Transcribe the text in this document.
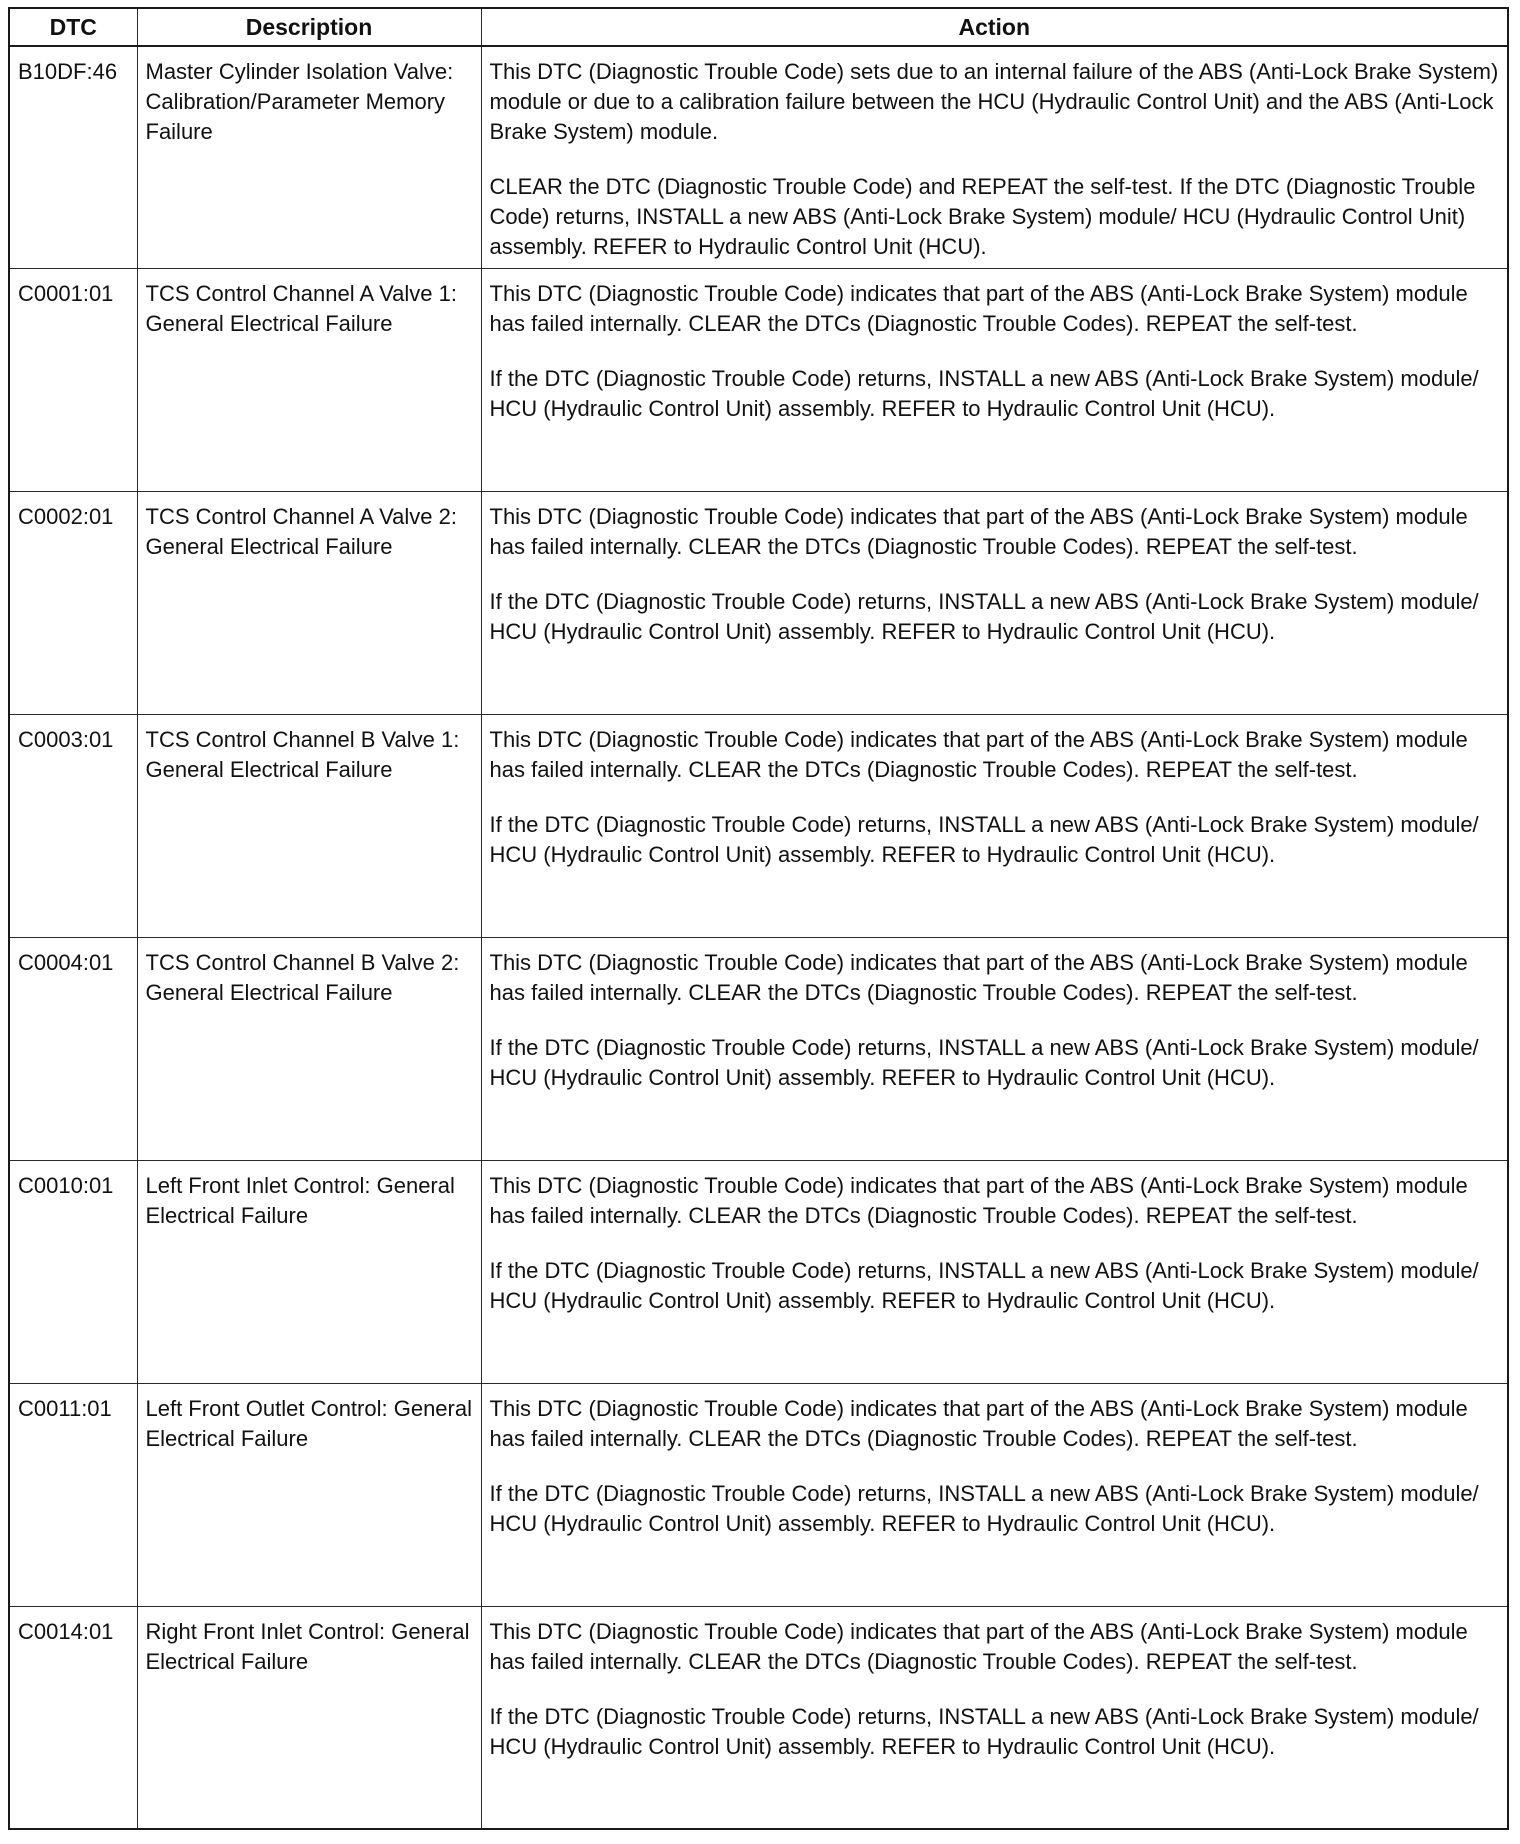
DTC	Description	Action
B10DF:46	Master Cylinder Isolation Valve: Calibration/Parameter Memory Failure	This DTC (Diagnostic Trouble Code) sets due to an internal failure of the ABS (Anti-Lock Brake System) module or due to a calibration failure between the HCU (Hydraulic Control Unit) and the ABS (Anti-Lock Brake System) module.

CLEAR the DTC (Diagnostic Trouble Code) and REPEAT the self-test. If the DTC (Diagnostic Trouble Code) returns, INSTALL a new ABS (Anti-Lock Brake System) module/ HCU (Hydraulic Control Unit) assembly. REFER to Hydraulic Control Unit (HCU).

C0001:01	TCS Control Channel A Valve 1: General Electrical Failure	This DTC (Diagnostic Trouble Code) indicates that part of the ABS (Anti-Lock Brake System) module has failed internally. CLEAR the DTCs (Diagnostic Trouble Codes). REPEAT the self-test.

If the DTC (Diagnostic Trouble Code) returns, INSTALL a new ABS (Anti-Lock Brake System) module/ HCU (Hydraulic Control Unit) assembly. REFER to Hydraulic Control Unit (HCU).

C0002:01	TCS Control Channel A Valve 2: General Electrical Failure	This DTC (Diagnostic Trouble Code) indicates that part of the ABS (Anti-Lock Brake System) module has failed internally. CLEAR the DTCs (Diagnostic Trouble Codes). REPEAT the self-test.

If the DTC (Diagnostic Trouble Code) returns, INSTALL a new ABS (Anti-Lock Brake System) module/ HCU (Hydraulic Control Unit) assembly. REFER to Hydraulic Control Unit (HCU).

C0003:01	TCS Control Channel B Valve 1: General Electrical Failure	This DTC (Diagnostic Trouble Code) indicates that part of the ABS (Anti-Lock Brake System) module has failed internally. CLEAR the DTCs (Diagnostic Trouble Codes). REPEAT the self-test.

If the DTC (Diagnostic Trouble Code) returns, INSTALL a new ABS (Anti-Lock Brake System) module/ HCU (Hydraulic Control Unit) assembly. REFER to Hydraulic Control Unit (HCU).

C0004:01	TCS Control Channel B Valve 2: General Electrical Failure	This DTC (Diagnostic Trouble Code) indicates that part of the ABS (Anti-Lock Brake System) module has failed internally. CLEAR the DTCs (Diagnostic Trouble Codes). REPEAT the self-test.

If the DTC (Diagnostic Trouble Code) returns, INSTALL a new ABS (Anti-Lock Brake System) module/ HCU (Hydraulic Control Unit) assembly. REFER to Hydraulic Control Unit (HCU).

C0010:01	Left Front Inlet Control: General Electrical Failure	This DTC (Diagnostic Trouble Code) indicates that part of the ABS (Anti-Lock Brake System) module has failed internally. CLEAR the DTCs (Diagnostic Trouble Codes). REPEAT the self-test.

If the DTC (Diagnostic Trouble Code) returns, INSTALL a new ABS (Anti-Lock Brake System) module/ HCU (Hydraulic Control Unit) assembly. REFER to Hydraulic Control Unit (HCU).

C0011:01	Left Front Outlet Control: General Electrical Failure	This DTC (Diagnostic Trouble Code) indicates that part of the ABS (Anti-Lock Brake System) module has failed internally. CLEAR the DTCs (Diagnostic Trouble Codes). REPEAT the self-test.

If the DTC (Diagnostic Trouble Code) returns, INSTALL a new ABS (Anti-Lock Brake System) module/ HCU (Hydraulic Control Unit) assembly. REFER to Hydraulic Control Unit (HCU).

C0014:01	Right Front Inlet Control: General Electrical Failure	This DTC (Diagnostic Trouble Code) indicates that part of the ABS (Anti-Lock Brake System) module has failed internally. CLEAR the DTCs (Diagnostic Trouble Codes). REPEAT the self-test.

If the DTC (Diagnostic Trouble Code) returns, INSTALL a new ABS (Anti-Lock Brake System) module/ HCU (Hydraulic Control Unit) assembly. REFER to Hydraulic Control Unit (HCU).
